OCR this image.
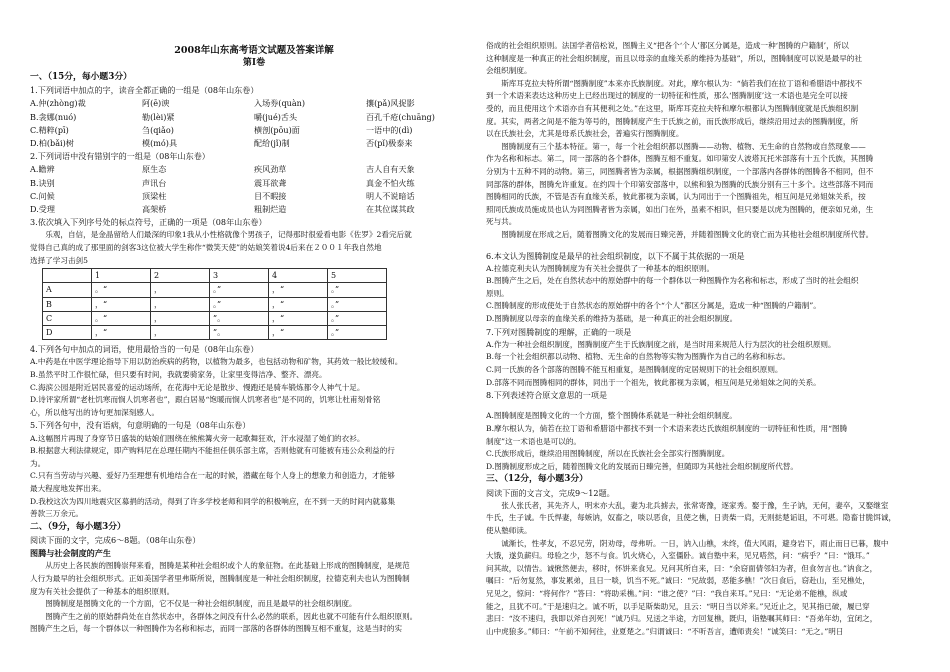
2008年山东高考语文试题及答案详解
第Ⅰ卷
一、（15分，每小题3分）
1.下列词语中加点的字，读音全都正确的一组是（08年山东卷）
A.仲(zhòng)裁	阿(ē)谀	入场券(quàn)	攘(pǎ)风捉影
B.衾娜(nuó)	勒(lèi)紧	嚼(jué)舌头	百孔千疮(chuāng)
C.精粹(pī)	刍(qiǎo)	横剖(pōu)面	一语中的(dì)
D.柏(bǎi)树	模(mó)具	配给(jǐ)制	否(pǐ)极泰来
2.下列词语中没有错别字的一组是（08年山东卷）
A.瞻辨	原生态	疾风劲草	吉人自有天象
B.诀别	声讯台	震耳欲聋	真金不怕火练
C.问候	顶梁柱	目不暇接	明人不说暗话
D.受理	高架桥	粗制烂造	在其位谋其政
3.依次填入下列序号处的标点符号，正确的一项是（08年山东卷）
乐观，自信，是金晶留给人们最深的印象1我从小性格就像个男孩子，记得那时很爱看电影《佐罗》2看完后就
觉得自己真的成了那里面的剑客3这位被大学生称作“微笑天使”的姑娘笑着说4后来在２００１年我自然地
选择了学习击剑5
	1	2	3	4	5
A	。“	，	。”	，“	。”
B	，“	，	。”	，“	。”
C	。“	，	”。	，“	。”
D	，“	，	”。	，“	。”
4.下列各句中加点的词语，使用最恰当的一句是（08年山东卷）
A.中药是在中医学理论指导下用以防治疾病的药物，以植物为最多，也包括动物和矿物，其药效一般比较缓和。
B.虽然平时工作很忙碌，但只要有时间，我就要骑家务，让家里变得洁净、整齐、漂亮。
C.海滨公园是附近居民喜爱的运动场所，在花海中无论是散步、慢跑还是骑车锻炼都令人神气十足。
D.诗评家所谓“老杜饥寒而悯人饥寒者也”，跟白居易“饱暖而悯人饥寒者也”是不同的，饥寒让杜甫刻骨铭
心，所以他写出的诗句更加深刻感人。
5.下列各句中，没有语病，句意明确的一句是（08年山东卷）
A.这幅图片再现了身穿节日盛装的姑娘们围绕在熊熊篝火旁一起歌舞狂欢，汗水浸湿了她们的衣衫。
B.根据意大利法律规定，即产购料尼在总理任期内不能担任俱乐部主席，否则他就有可能被有违公众利益的行
为。
C.只有当劳动与兴趣、爱好乃至理想有机地结合在一起的时候，潜藏在每个人身上的想象力和创造力，才能够
最大程度地发挥出来。
D.我校这次为四川地震灾区募捐的活动，得到了许多学校老师和同学的积极响应，在不到一天的时间内就募集
善款三万余元。
二、（9分，每小题3分）
阅读下面的文字，完成6～8题。（08年山东卷）
图腾与社会制度的产生
从历史上各民族的图腾崇拜来看，图腾是某种社会组织或个人的象征物。在此基础上形成的图腾制度，是规范
人行为最早的社会组织形式。正如美国学者里弗斯所说，图腾制度是一种社会组织制度，拉德克利夫也认为图腾制
度为有关社会提供了一种基本的组织原则。
图腾制度是图腾文化的一个方面，它不仅是一种社会组织制度，而且是最早的社会组织制度。
图腾产生之前的原始群尚处在自然状态中，各群体之间没有什么必然的联系，因此也就不可能有什么组织原则。
图腾产生之后，每一个群体以一种图腾作为名称和标志，而同一部落的各群体的图腾互相不重复，这是当时的实
俗成的社会组织原则。法国学者倍松说，图腾主义“把各个‘个人’都区分属是，造成一种‘图腾的户籍制’，所以
这种制度是一种真正的社会组织制度，而且以母亲的血缘关系的维持为基础”，所以，图腾制度可以说是最早的社
会组织制度。
斯库耳克拉夫特所谓“图腾制度”本来亦氏族制度。对此，摩尔根认为：“倘若我们在拉丁语和希腊语中都找不
到一个术语来表达这种历史上已经出现过的制度的一切特征和性质，那么‘图腾制度’这一术语也是完全可以接
受的，而且使用这个术语亦自有其便利之处。”在这里，斯库耳克拉夫特和摩尔根都认为图腾制度就是氏族组织制
度。其实，两者之间是不能为等号的，图腾制度产生于氏族之前，而氏族形成后，继续沿用过去的图腾制度，所
以在氏族社会，尤其是母系氏族社会，普遍实行图腾制度。
图腾制度有三个基本特征。第一，每一个社会组织都以图腾——动物、植物、无生命的自然物或自然现象——
作为名称和标志。第二，同一部落的各个群体，图腾互相不重复。如印第安人波塔瓦托米部落有十五个氏族，其图腾
分别为十五种不同的动物。第三，同图腾者皆为亲属，根据图腾组织制度，一个部落内各群体的图腾各不相同，但不
同部落的群体，图腾允许重复。在约四十个印第安部落中，以熊和狼为图腾的氏族分别有三十多个。这些部落不同而
图腾相同的氏族，不管是否有血缘关系，彼此都视为亲属，认为同出于一个图腾祖先，相互间是兄弟姐妹关系，按
照同氏族成员施成员也认为同图腾者皆为亲属，如出门在外，虽素不相识，但只要是以虎为图腾的，便亲如兄弟，生
死与共。
图腾制度在形成之后，随着图腾文化的发展而日臻完善，并随着图腾文化的衰亡而为其他社会组织制度所代替。
6.本文认为图腾制度是最早的社会组织制度，以下不属于其依据的一项是
A.拉德克利夫认为图腾制度为有关社会提供了一种基本的组织原则。
B.图腾产生之后，处在自然状态中的原始群中的每一个群体以一种图腾作为名称和标志，形成了当时的社会组织
原则。
C.图腾制度的形成使处于自然状态的原始群中的各个“个人”都区分属是，造成一种“图腾的户籍制”。
D.图腾制度以母亲的血缘关系的维持为基础，是一种真正的社会组织制度。
7.下列对图腾制度的理解，正确的一项是
A.作为一种社会组织制度，图腾制度产生于氏族制度之前，是当时用来规范人行为层次的社会组织原则。
B.每一个社会组织都以动物、植物、无生命的自然物等实物为图腾作为自己的名称和标志。
C.同一氏族的各个部落的图腾不能互相重复，是图腾制度的定居规则下的社会组织原则。
D.部落不同而图腾相同的群体，同出于一个祖先，彼此都视为亲属，相互间是兄弟姐妹之间的关系。
8.下列表述符合原文意思的一项是
A.图腾制度是图腾文化的一个方面，整个图腾体系就是一种社会组织制度。
B.摩尔根认为，倘若在拉丁语和希腊语中都找不到一个术语来表达氏族组织制度的一切特征和性质，用“图腾
制度”这一术语也是可以的。
C.氏族形成后，继续沿用图腾制度，所以在氏族社会全部实行图腾制度。
D.图腾制度形成之后，随着图腾文化的发展而日臻完善，但随即为其他社会组织制度所代替。
三、（12分，每小题3分）
阅读下面的文言文，完成9～12题。
张人张氏者，其先齐人，明末亦大乱，妻为北兵掳去，张常寄豫，逐家秀。娶于豫，生子讷，无何，妻卒，又娶继室
牛氏，生子诚。牛氏悍妻，每嫉讷，奴畜之，啖以恶食，且使之樵，日责柴一肩，无则挞楚诟诅，不可堪。隐畜甘脆饵诚，
使从塾师读。
诚渐长，性孝友，不忍兄劳，阴劝母，母弗听。一日，讷入山樵，未终，值大风雨，避身岩下，雨止而日已暮，腹中
大饿，遂负薪归。母验之少，怒不与食。饥火烧心，入室僵卧。诚自塾中来，见兄嗒然，问：“病乎？”曰：“饿耳。”
问其故，以情告。诚愀然便去，移时，怀饼来食兄。兄问其所自来，曰：“余窃面倩邻妇为者，但食勿言也。”讷食之，
嘱曰：“后勿复然，事发累弟，且日一啖，饥当不死。”诚曰：“兄故弱，恶能多樵！”次日食后，窃赴山，至兄樵处，
兄见之，惊问：“将何作？”答曰：“将助采樵。”问：“谁之使？”曰：“我自来耳。”兄曰：“无论弟不能樵，纵或
能之，且犹不可。”于是速归之。诚不听，以手足斯柴助兄，且云：“明日当以斧来。”兄近止之，见其指已破，履已穿
悲曰：“汝不速归，我即以斧自刭死！”诚乃归。兄送之半途，方回复樵，既归，诣塾嘱其师曰：“吾弟年幼，宜闭之，
山中虎狼多。”师曰：“午前不知何往，业夏楚之。”归谓诚曰：“不听吾言，遭师责矣！”诚笑曰：“无之。”明日
